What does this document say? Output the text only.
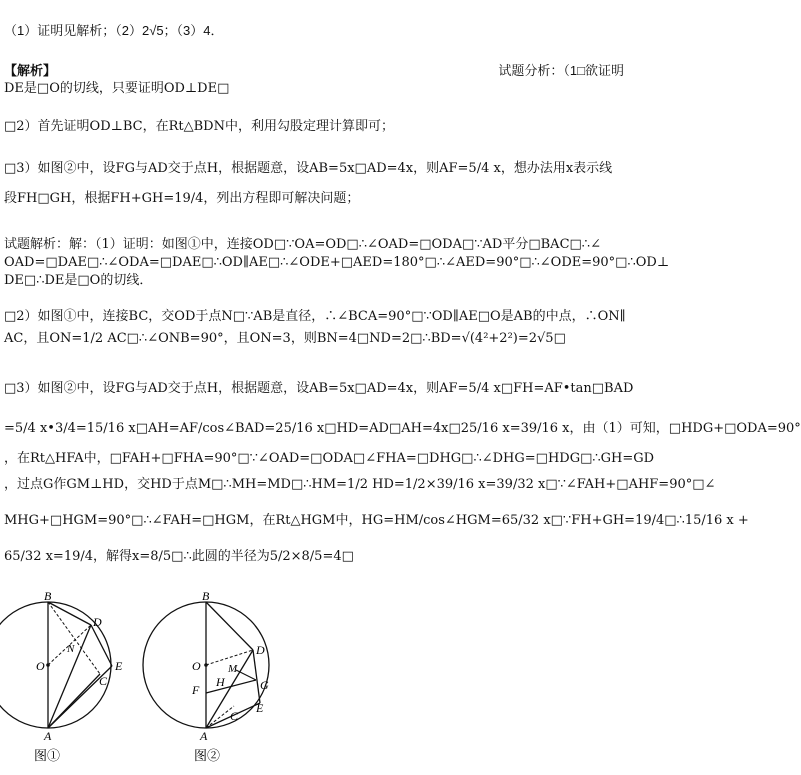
（1）证明见解析；（2）2√5；（3）4．
【解析】	试题分析：（1□欲证明
DE是□O的切线，只要证明OD⊥DE□
□2）首先证明OD⊥BC，在Rt△BDN中，利用勾股定理计算即可；
□3）如图②中，设FG与AD交于点H，根据题意，设AB=5x□AD=4x，则AF=5/4 x，想办法用x表示线
段FH□GH，根据FH+GH=19/4，列出方程即可解决问题；
试题解析：解：（1）证明：如图①中，连接OD□∵OA=OD□∴∠OAD=□ODA□∵AD平分□BAC□∴∠
OAD=□DAE□∴∠ODA=□DAE□∴OD∥AE□∴∠ODE+□AED=180°□∴∠AED=90°□∴∠ODE=90°□∴OD⊥
DE□∴DE是□O的切线．
□2）如图①中，连接BC，交OD于点N□∵AB是直径，∴∠BCA=90°□∵OD∥AE□O是AB的中点，∴ON∥
AC，且ON=1/2 AC□∴∠ONB=90°，且ON=3，则BN=4□ND=2□∴BD=√(4²+2²)=2√5□
□3）如图②中，设FG与AD交于点H，根据题意，设AB=5x□AD=4x，则AF=5/4 x□FH=AF•tan□BAD
=5/4 x•3/4=15/16 x□AH=AF/cos∠BAD=25/16 x□HD=AD□AH=4x□25/16 x=39/16 x，由（1）可知，□HDG+□ODA=90°
，在Rt△HFA中，□FAH+□FHA=90°□∵∠OAD=□ODA□∠FHA=□DHG□∴∠DHG=□HDG□∴GH=GD
，过点G作GM⊥HD，交HD于点M□∴MH=MD□∴HM=1/2 HD=1/2×39/16 x=39/32 x□∵∠FAH+□AHF=90°□∠
MHG+□HGM=90°□∴∠FAH=□HGM，在Rt△HGM中，HG=HM/cos∠HGM=65/32 x□∵FH+GH=19/4□∴15/16 x +
65/32 x=19/4，解得x=8/5□∴此圆的半径为5/2×8/5=4□
B
D
O
N
E
C
A
图①
B
D
O M
F
H	G
A
C
E
图②
